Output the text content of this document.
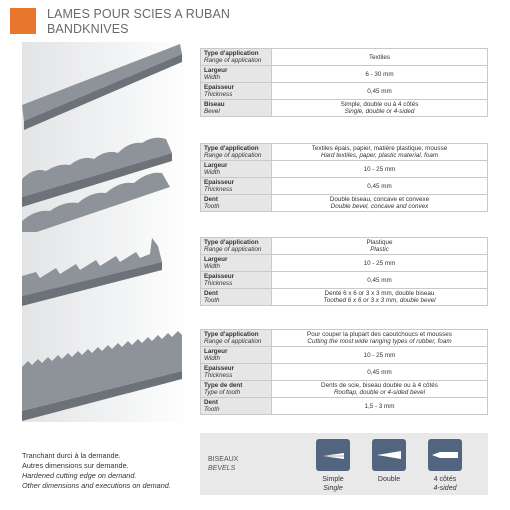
LAMES POUR SCIES A RUBAN
BANDKNIVES
Type d'application
Range of application	Textiles

Largeur
Width	6 - 30 mm

Epaisseur
Thickness	0,45 mm

Biseau
Bevel	Simple, double ou à 4 côtés
Single, double or 4-sided
Type d'application
Range of application	Textiles épais, papier, matière plastique, mousse
Hard textiles, paper, plastic material, foam

Largeur
Width	10 - 25 mm

Epaisseur
Thickness	0,45 mm

Dent
Tooth	Double biseau, concave et convexe
Double bevel, concave and convex
Type d'application
Range of application	Plastique
Plastic

Largeur
Width	10 - 25 mm

Epaisseur
Thickness	0,45 mm

Dent
Tooth	Denté 6 x 6 or 3 x 3 mm, double biseau
Toothed 6 x 6 or 3 x 3 mm, double bevel
Type d'application
Range of application	Pour couper la plupart des caoutchoucs et mousses
Cutting the most wide ranging types of rubber, foam

Largeur
Width	10 - 25 mm

Epaisseur
Thickness	0,45 mm

Type de dent
Type of tooth	Dents de scie, biseau double ou à 4 côtés
Rooftap, double or 4-sided bevel

Dent
Tooth	1,5 - 3 mm
Tranchant durci à la demande.
Autres dimensions sur demande.
Hardened cutting edge on demand.
Other dimensions and executions on demand.
BISEAUX
BEVELS
Simple
Single
Double	4 côtés
4-sided
